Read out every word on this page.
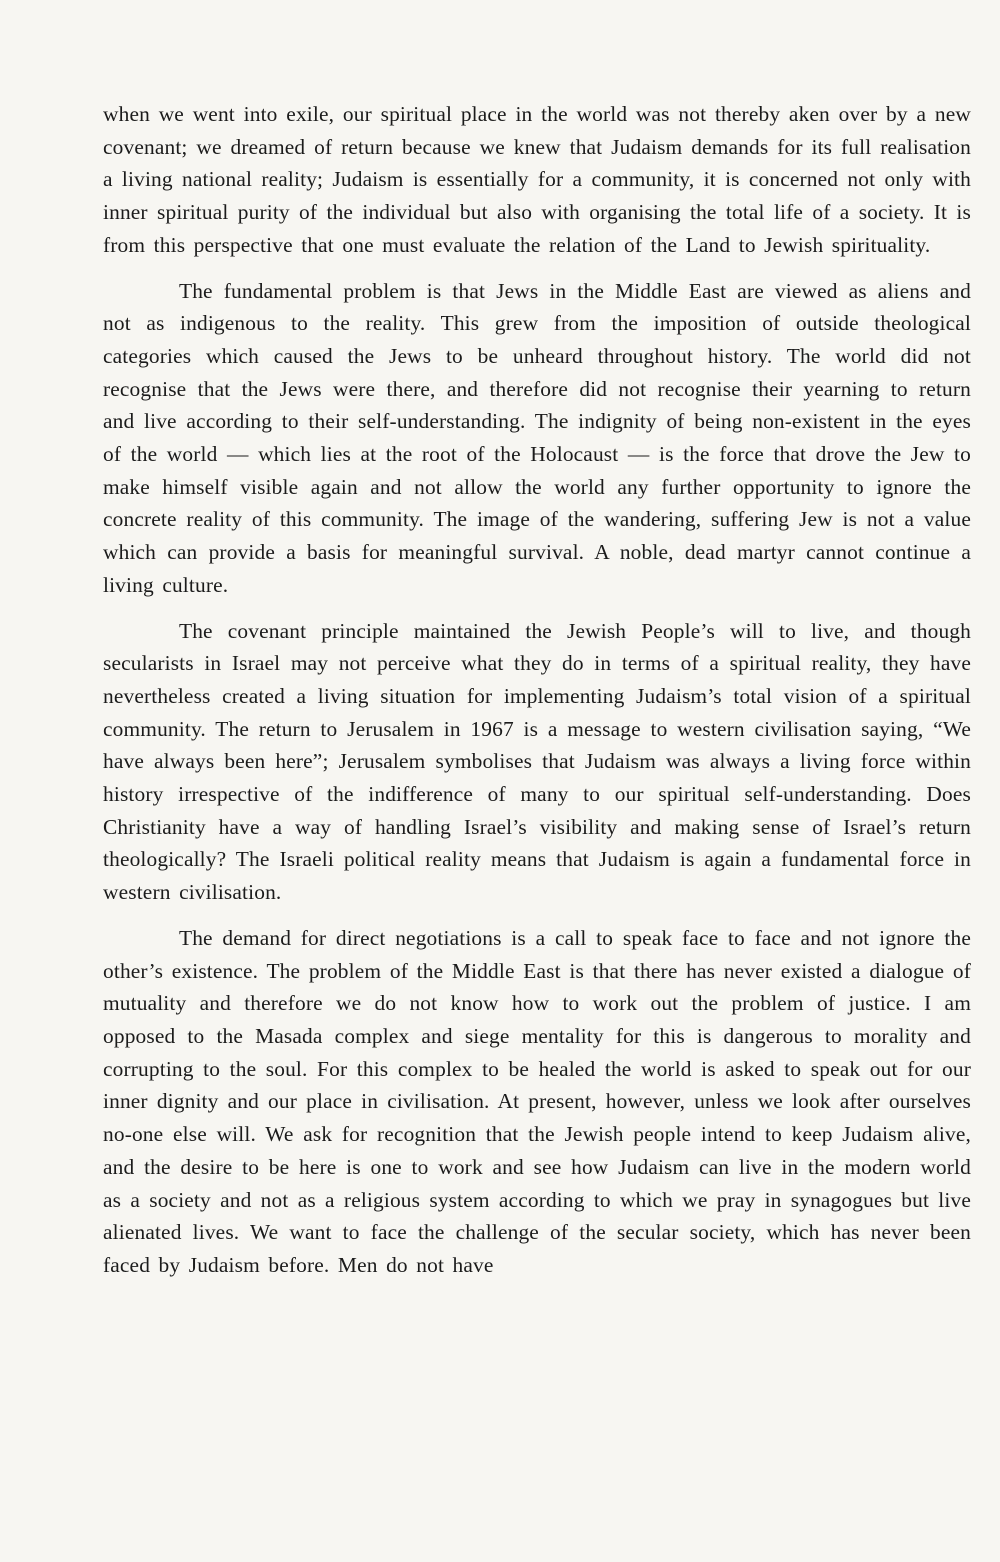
when we went into exile, our spiritual place in the world was not thereby aken over by a new covenant; we dreamed of return because we knew that Judaism demands for its full realisation a living national reality; Judaism is essentially for a community, it is concerned not only with inner spiritual purity of the individual but also with organising the total life of a society. It is from this perspective that one must evaluate the relation of the Land to Jewish spirituality.

The fundamental problem is that Jews in the Middle East are viewed as aliens and not as indigenous to the reality. This grew from the imposition of outside theological categories which caused the Jews to be unheard throughout history. The world did not recognise that the Jews were there, and therefore did not recognise their yearning to return and live according to their self-understanding. The indignity of being non-existent in the eyes of the world — which lies at the root of the Holocaust — is the force that drove the Jew to make himself visible again and not allow the world any further opportunity to ignore the concrete reality of this community. The image of the wandering, suffering Jew is not a value which can provide a basis for meaningful survival. A noble, dead martyr cannot continue a living culture.

The covenant principle maintained the Jewish People’s will to live, and though secularists in Israel may not perceive what they do in terms of a spiritual reality, they have nevertheless created a living situation for implementing Judaism’s total vision of a spiritual community. The return to Jerusalem in 1967 is a message to western civilisation saying, “We have always been here”; Jerusalem symbolises that Judaism was always a living force within history irrespective of the indifference of many to our spiritual self-understanding. Does Christianity have a way of handling Israel’s visibility and making sense of Israel’s return theologically? The Israeli political reality means that Judaism is again a fundamental force in western civilisation.

The demand for direct negotiations is a call to speak face to face and not ignore the other’s existence. The problem of the Middle East is that there has never existed a dialogue of mutuality and therefore we do not know how to work out the problem of justice. I am opposed to the Masada complex and siege mentality for this is dangerous to morality and corrupting to the soul. For this complex to be healed the world is asked to speak out for our inner dignity and our place in civilisation. At present, however, unless we look after ourselves no-one else will. We ask for recognition that the Jewish people intend to keep Judaism alive, and the desire to be here is one to work and see how Judaism can live in the modern world as a society and not as a religious system according to which we pray in synagogues but live alienated lives. We want to face the challenge of the secular society, which has never been faced by Judaism before. Men do not have
